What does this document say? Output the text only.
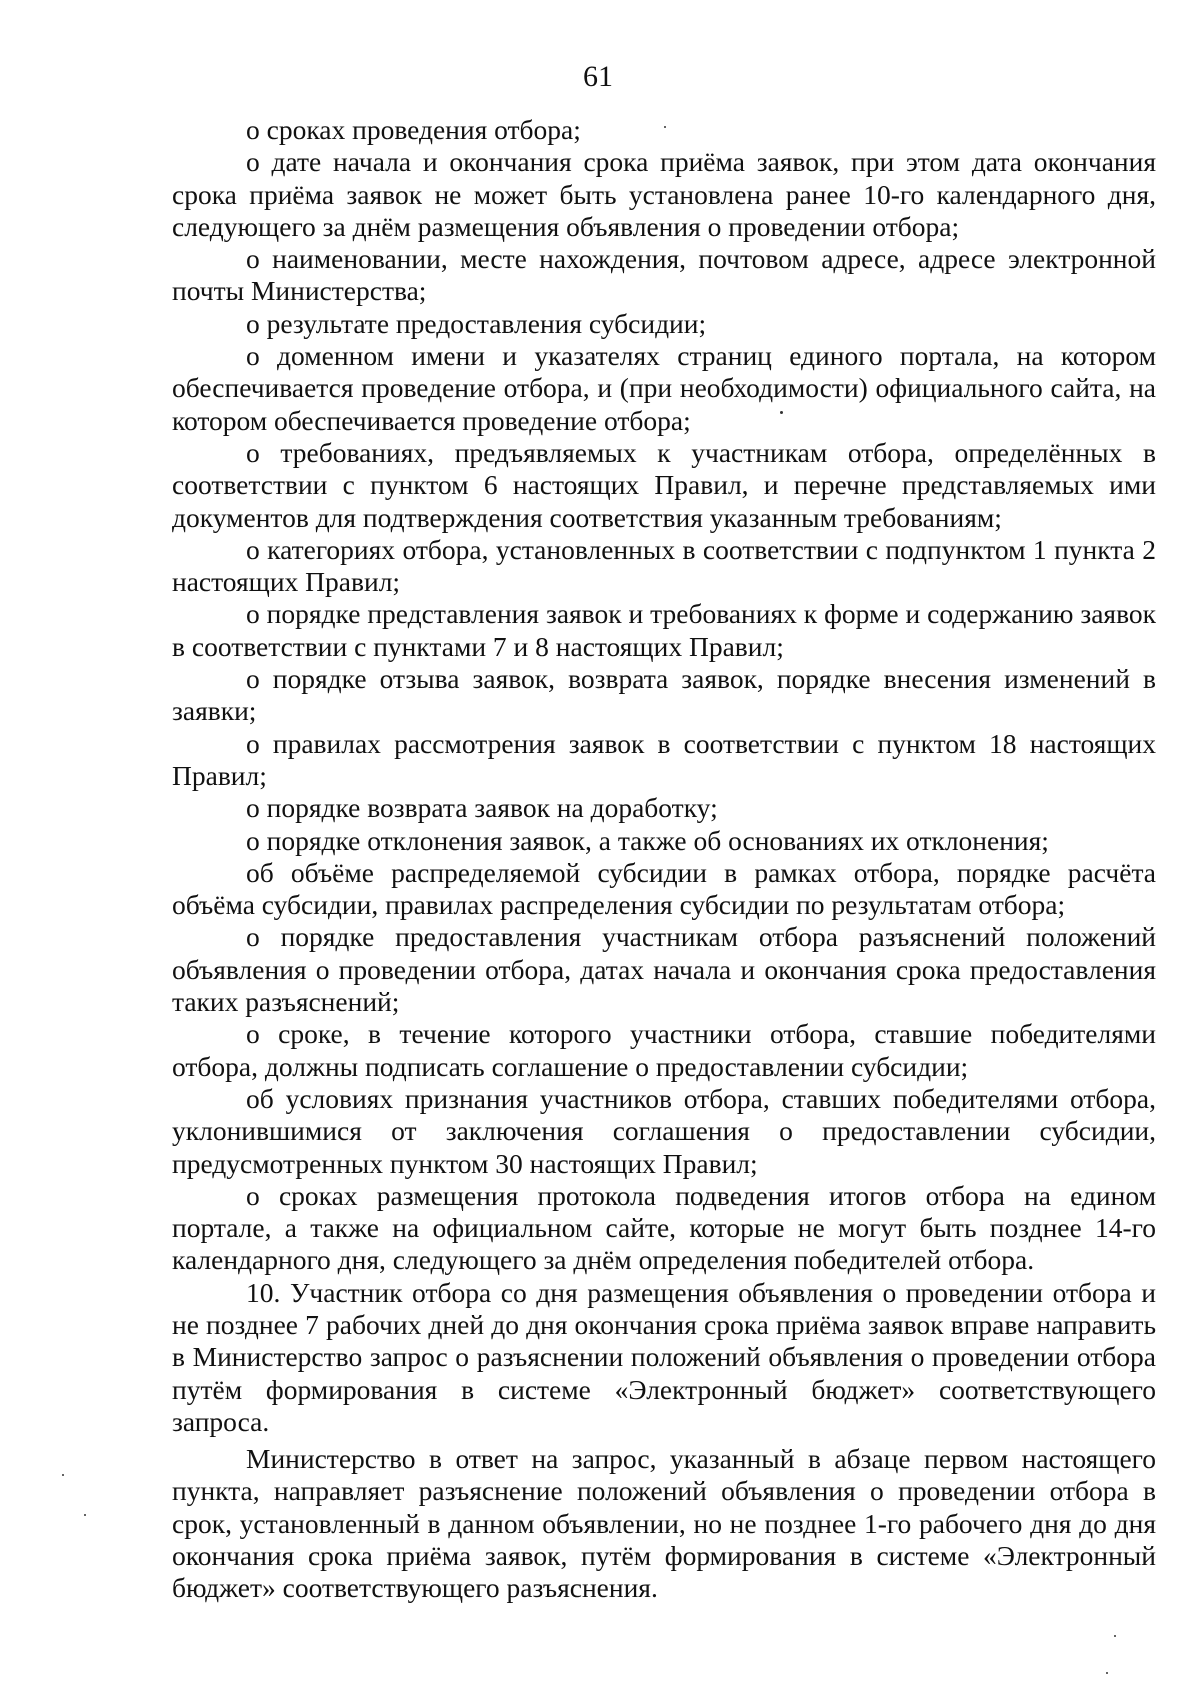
61

о сроках проведения отбора;

о дате начала и окончания срока приёма заявок, при этом дата окончания срока приёма заявок не может быть установлена ранее 10-го календарного дня, следующего за днём размещения объявления о проведении отбора;

о наименовании, месте нахождения, почтовом адресе, адресе электронной почты Министерства;

о результате предоставления субсидии;

о доменном имени и указателях страниц единого портала, на котором обеспечивается проведение отбора, и (при необходимости) официального сайта, на котором обеспечивается проведение отбора;

о требованиях, предъявляемых к участникам отбора, определённых в соответствии с пунктом 6 настоящих Правил, и перечне представляемых ими документов для подтверждения соответствия указанным требованиям;

о категориях отбора, установленных в соответствии с подпунктом 1 пункта 2 настоящих Правил;

о порядке представления заявок и требованиях к форме и содержанию заявок в соответствии с пунктами 7 и 8 настоящих Правил;

о порядке отзыва заявок, возврата заявок, порядке внесения изменений в заявки;

о правилах рассмотрения заявок в соответствии с пунктом 18 настоящих Правил;

о порядке возврата заявок на доработку;

о порядке отклонения заявок, а также об основаниях их отклонения;

об объёме распределяемой субсидии в рамках отбора, порядке расчёта объёма субсидии, правилах распределения субсидии по результатам отбора;

о порядке предоставления участникам отбора разъяснений положений объявления о проведении отбора, датах начала и окончания срока предоставления таких разъяснений;

о сроке, в течение которого участники отбора, ставшие победителями отбора, должны подписать соглашение о предоставлении субсидии;

об условиях признания участников отбора, ставших победителями отбора, уклонившимися от заключения соглашения о предоставлении субсидии, предусмотренных пунктом 30 настоящих Правил;

о сроках размещения протокола подведения итогов отбора на едином портале, а также на официальном сайте, которые не могут быть позднее 14-го календарного дня, следующего за днём определения победителей отбора.

10. Участник отбора со дня размещения объявления о проведении отбора и не позднее 7 рабочих дней до дня окончания срока приёма заявок вправе направить в Министерство запрос о разъяснении положений объявления о проведении отбора путём формирования в системе «Электронный бюджет» соответствующего запроса.

Министерство в ответ на запрос, указанный в абзаце первом настоящего пункта, направляет разъяснение положений объявления о проведении отбора в срок, установленный в данном объявлении, но не позднее 1-го рабочего дня до дня окончания срока приёма заявок, путём формирования в системе «Электронный бюджет» соответствующего разъяснения.
